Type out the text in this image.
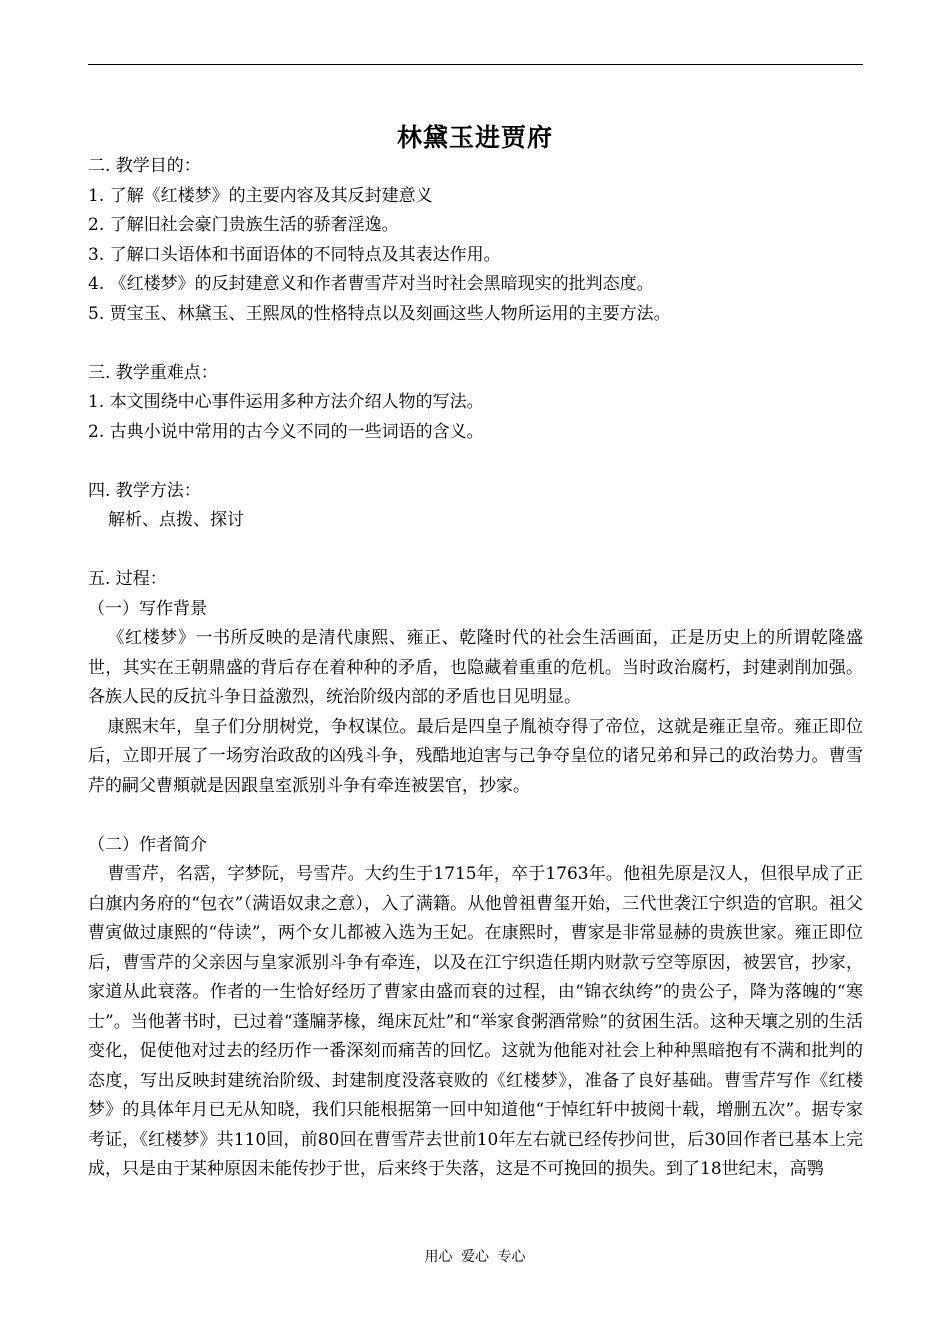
林黛玉进贾府
二. 教学目的：
1. 了解《红楼梦》的主要内容及其反封建意义
2. 了解旧社会豪门贵族生活的骄奢淫逸。
3. 了解口头语体和书面语体的不同特点及其表达作用。
4. 《红楼梦》的反封建意义和作者曹雪芹对当时社会黑暗现实的批判态度。
5. 贾宝玉、林黛玉、王熙凤的性格特点以及刻画这些人物所运用的主要方法。
三. 教学重难点：
1. 本文围绕中心事件运用多种方法介绍人物的写法。
2. 古典小说中常用的古今义不同的一些词语的含义。
四. 教学方法：
解析、点拨、探讨
五. 过程：
（一）写作背景
《红楼梦》一书所反映的是清代康熙、雍正、乾隆时代的社会生活画面，正是历史上的所谓乾隆盛世，其实在王朝鼎盛的背后存在着种种的矛盾，也隐藏着重重的危机。当时政治腐朽，封建剥削加强。各族人民的反抗斗争日益激烈，统治阶级内部的矛盾也日见明显。
康熙末年，皇子们分朋树党，争权谋位。最后是四皇子胤祯夺得了帝位，这就是雍正皇帝。雍正即位后，立即开展了一场穷治政敌的凶残斗争，残酷地迫害与己争夺皇位的诸兄弟和异己的政治势力。曹雪芹的嗣父曹頫就是因跟皇室派别斗争有牵连被罢官，抄家。
（二）作者简介
曹雪芹，名霑，字梦阮，号雪芹。大约生于1715年，卒于1763年。他祖先原是汉人，但很早成了正白旗内务府的“包衣”（满语奴隶之意），入了满籍。从他曾祖曹玺开始，三代世袭江宁织造的官职。祖父曹寅做过康熙的“侍读”，两个女儿都被入选为王妃。在康熙时，曹家是非常显赫的贵族世家。雍正即位后，曹雪芹的父亲因与皇家派别斗争有牵连，以及在江宁织造任期内财款亏空等原因，被罢官，抄家，家道从此衰落。作者的一生恰好经历了曹家由盛而衰的过程，由“锦衣纨绔”的贵公子，降为落魄的“寒士”。当他著书时，已过着“蓬牖茅椽，绳床瓦灶”和“举家食粥酒常赊”的贫困生活。这种天壤之别的生活变化，促使他对过去的经历作一番深刻而痛苦的回忆。这就为他能对社会上种种黑暗抱有不满和批判的态度，写出反映封建统治阶级、封建制度没落衰败的《红楼梦》，准备了良好基础。曹雪芹写作《红楼梦》的具体年月已无从知晓，我们只能根据第一回中知道他“于悼红轩中披阅十载，增删五次”。据专家考证，《红楼梦》共110回，前80回在曹雪芹去世前10年左右就已经传抄问世，后30回作者已基本上完成，只是由于某种原因未能传抄于世，后来终于失落，这是不可挽回的损失。到了18世纪末，高鹗
用心 爱心 专心
